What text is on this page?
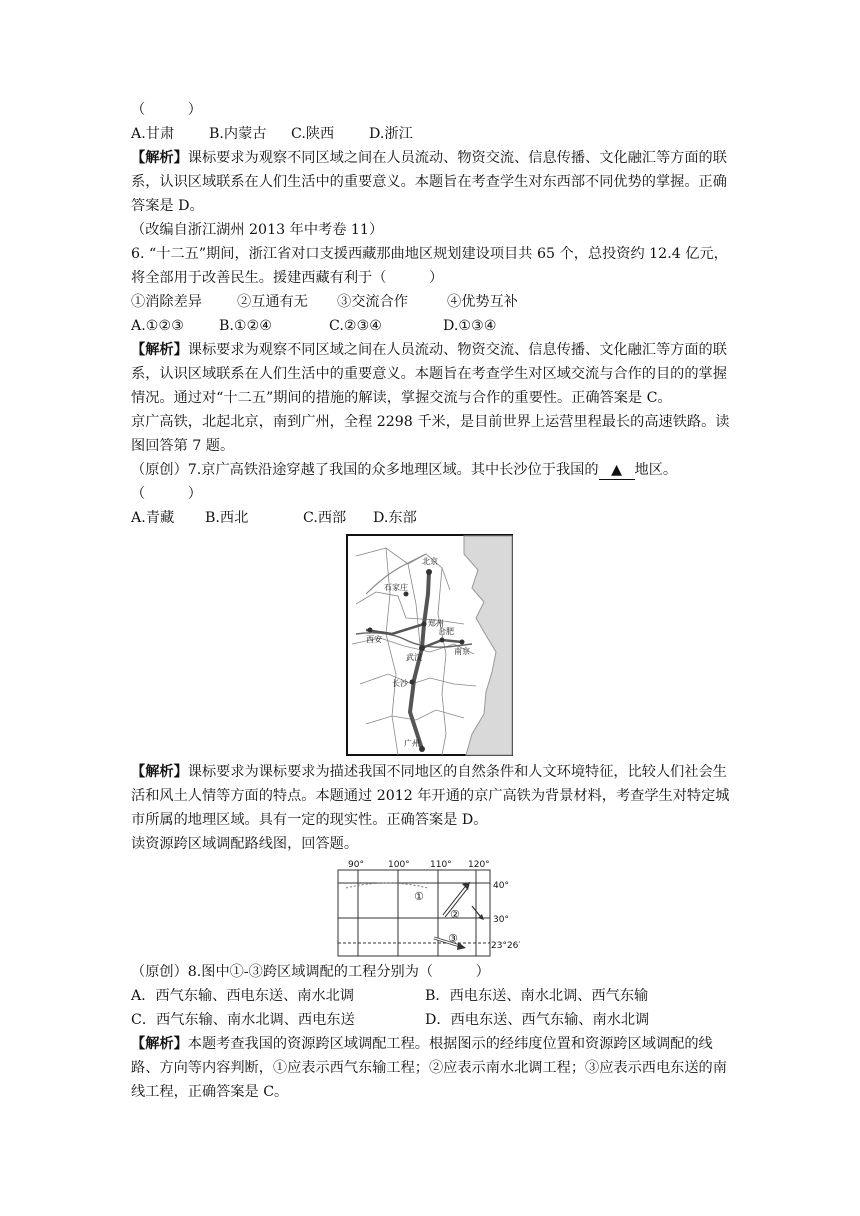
（　　　）
A.甘肃 B.内蒙古 C.陕西 D.浙江
【解析】课标要求为观察不同区域之间在人员流动、物资交流、信息传播、文化融汇等方面的联系，认识区域联系在人们生活中的重要意义。本题旨在考查学生对东西部不同优势的掌握。正确答案是 D。
（改编自浙江湖州 2013 年中考卷 11）
6. “十二五”期间，浙江省对口支援西藏那曲地区规划建设项目共 65 个，总投资约 12.4 亿元，将全部用于改善民生。援建西藏有利于（　　　）
①消除差异 ②互通有无 ③交流合作	④优势互补
A.①②③ B.①②④	C.②③④	D.①③④
【解析】课标要求为观察不同区域之间在人员流动、物资交流、信息传播、文化融汇等方面的联系，认识区域联系在人们生活中的重要意义。本题旨在考查学生对区域交流与合作的目的的掌握情况。通过对“十二五”期间的措施的解读，掌握交流与合作的重要性。正确答案是 C。
京广高铁，北起北京，南到广州，全程 2298 千米，是目前世界上运营里程最长的高速铁路。读图回答第 7 题。
（原创）7.京广高铁沿途穿越了我国的众多地理区域。其中长沙位于我国的 ▲ 地区。
（　　　）
A.青藏 B.西北	C.西部 D.东部
北京
石家庄
郑州
西安
合肥
南京
武汉
长沙
广州
【解析】课标要求为课标要求为描述我国不同地区的自然条件和人文环境特征，比较人们社会生活和风土人情等方面的特点。本题通过 2012 年开通的京广高铁为背景材料，考查学生对特定城市所属的地理区域。具有一定的现实性。正确答案是 D。
读资源跨区域调配路线图，回答题。
90°	100° 110° 120°
40°
30°
23°26′
①
②
③
（原创）8.图中①-③跨区域调配的工程分别为（　　　）
A．西气东输、西电东送、南水北调	B．西电东送、南水北调、西气东输
C．西气东输、南水北调、西电东送	D．西电东送、西气东输、南水北调
【解析】本题考查我国的资源跨区域调配工程。根据图示的经纬度位置和资源跨区域调配的线路、方向等内容判断，①应表示西气东输工程；②应表示南水北调工程；③应表示西电东送的南线工程，正确答案是 C。
